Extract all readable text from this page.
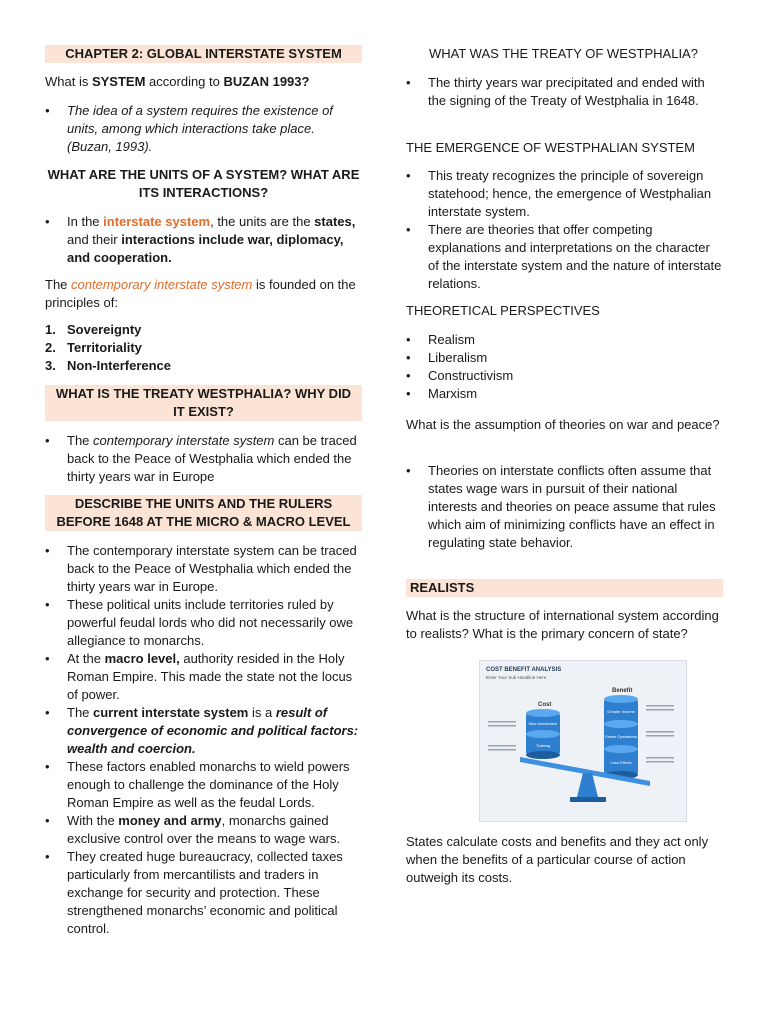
CHAPTER 2: GLOBAL INTERSTATE SYSTEM

What is SYSTEM according to BUZAN 1993?

• The idea of a system requires the existence of units, among which interactions take place. (Buzan, 1993).
WHAT ARE THE UNITS OF A SYSTEM? WHAT ARE ITS INTERACTIONS?
• In the interstate system, the units are the states, and their interactions include war, diplomacy, and cooperation.

The contemporary interstate system is founded on the principles of:

1. Sovereignty
2. Territoriality
3. Non-Interference
WHAT IS THE TREATY WESTPHALIA? WHY DID IT EXIST?
• The contemporary interstate system can be traced back to the Peace of Westphalia which ended the thirty years war in Europe
DESCRIBE THE UNITS AND THE RULERS BEFORE 1648 AT THE MICRO & MACRO LEVEL
• The contemporary interstate system can be traced back to the Peace of Westphalia which ended the thirty years war in Europe.
• These political units include territories ruled by powerful feudal lords who did not necessarily owe allegiance to monarchs.
• At the macro level, authority resided in the Holy Roman Empire. This made the state not the locus of power.
• The current interstate system is a result of convergence of economic and political factors: wealth and coercion.
• These factors enabled monarchs to wield powers enough to challenge the dominance of the Holy Roman Empire as well as the feudal Lords.
• With the money and army, monarchs gained exclusive control over the means to wage wars.
• They created huge bureaucracy, collected taxes particularly from mercantilists and traders in exchange for security and protection. These strengthened monarchs’ economic and political control.
WHAT WAS THE TREATY OF WESTPHALIA?
• The thirty years war precipitated and ended with the signing of the Treaty of Westphalia in 1648.
THE EMERGENCE OF WESTPHALIAN SYSTEM
• This treaty recognizes the principle of sovereign statehood; hence, the emergence of Westphalian interstate system.
• There are theories that offer competing explanations and interpretations on the character of the interstate system and the nature of interstate relations.
THEORETICAL PERSPECTIVES
• Realism
• Liberalism
• Constructivism
• Marxism

What is the assumption of theories on war and peace?

• Theories on interstate conflicts often assume that states wage wars in pursuit of their national interests and theories on peace assume that rules which aim of minimizing conflicts have an effect in regulating state behavior.
REALISTS

What is the structure of international system according to realists? What is the primary concern of state?

States calculate costs and benefits and they act only when the benefits of a particular course of action outweigh its costs.

COST BENEFIT ANALYSIS
Enter Your Sub Headline Here
Cost
Benefit
New Investment
Training
Greater Income
Faster Operations
Less Efforts
